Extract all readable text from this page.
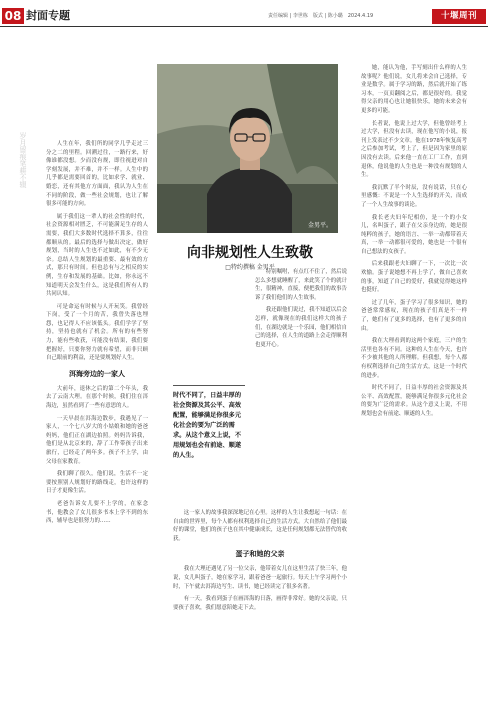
08 封面专题	责任编辑 | 李世栋　版式 | 陈小璐　2024.4.19	十堰周刊
岁月留痕笔耕不辍
金男平。
向非规划性人生致敬
□特约撰稿 金男平
时代不同了，日益丰厚的社会资源及其公平、高效配置，能够满足你很多元化社会的要为广泛的需求。从这个意义上说，不用规划也会有前途、顺遂的人生。

人生在年，我们所的同学几乎走过三分之二的里程。回溯过往，一路行来，好像谁都没想。少而没有规，即往视进对自学刻发展，并不难，并不一样。人生中的几乎都是需要回首的，比如求学、就业、婚恋，还有其他方方面面，我认为人生在不同的阶段，做一些社会规划，也让了解很多可能的方向。

属于我们这一辈人的社会性的时代，社会资源相对匮乏，不可能满足生存的人需要，我们大多数时代选择不算多，往往都顺从的。最后的选择与做出决定，做好规划，当时的人生也不过如此，有不少无奈。总结人生规划的最重要、最有效的方式，那只有时间。但也总有与之相反的实例，生存和发展的基础。比如，你永远不知道明天会发生什么，这是我们所有人的共同认知。

可是命运有时候与人开玩笑。我曾经下岗，受了一个月的苦，我曾失落也埋怨，也记得人不应该低头。我们学学了坚持，坚持也就有了机会。所有的有些努力，能有些收获，可能没有结果，我们要把握好，只要你努力就有希望，而非只顾自己眼前的利益，还是要规划好人生。

洱海旁边的一家人

大前年，退休之后的第二个年头，我去了云南大理。在那个时候，我们住在洱海边，虽然看到了一些有意思的人。

一天早晨在洱海边散步，我遇见了一家人，一个七八岁大的小姑娘和她的爸爸妈妈，他们正在湖边拍照。妈妈告诉我，他们是从北京来的，辞了工作带孩子出来旅行，已经走了两年多。孩子不上学，由父母在家教育。

我们聊了很久，他们说，生活不一定要按照别人规划好的路线走，也许这样的日子才更像生活。

老爸告诉女儿要不上学的，在家念书，他教会了女儿很多书本上学不到的东西，辅导也是很努力的……

特别嘱咐，有点红不住了，然后说怎么多想就睡醒了，来此笑了个的就计生，很精神，直接，便把我们的故事告诉了我们他们的人生故事。

我还跟他们说过，我不知道以后会怎样，就像现在的我们这样大的孩子们，在湖边就是一个乐园，他们相信自己的选择，在人生的道路上会走得顺利也更开心。

这一家人的故事我深深地记在心里。这样的人生让我想起一句话：在自由的世界里，每个人都有权利选择自己的生活方式。大自然给了他们最好的课堂，他们的孩子也在其中健康成长，这是任何规划都无法替代的收获。

蛋子和她的父亲

我在大理还遇见了另一位父亲，他带着女儿在这里生活了快三年，他说，女儿叫蛋子，她在家学习，跟着爸爸一起旅行。每天上午学习两个小时，下午就去洱海边写生、读书，她已经读完了很多名著。

有一天，我看到蛋子在画洱海的日落，画得非常好。她的父亲说，只要孩子喜欢，我们愿意陪她走下去。

她，能认为他，手写刻出什么样的人生故事呢？他们说，女儿将来会自己选择，专业是数学。属于学习的路，然后就开始了练习本，一页页翻阅之后，都是很好的。我觉得父亲的用心也让她很快乐，她的未来会有更多的可能。

长者说，他说上过大学，但他曾经考上过大学，但没有去读，现在他写的小说，报刊上发表过不少文章。他在1978年恢复高考之后参加考试，考上了，但是因为家里的原因没有去读。后来他一直在工厂工作，直到退休，他说他的人生也是一种没有规划的人生。

我沉默了半个时辰，没有说话，只在心里感慨：不说是一个人生选择的开关，而成了一个人生故事的谈论。

我长老夫妇年纪相仿，是一个的小女儿，名叫蛋子，跟子在父亲身边的，她是很纯粹的孩子，她的语言、一举一动都带着天真，一举一动都很可爱的，她也是一个很有自己想法的女孩子。

后来我跟老夫妇聊了一下，一次比一次欢愉。蛋子说她想不再上学了，做自己喜欢的事，知道了自己的爱好，我就觉得她这样也挺好。

过了几年，蛋子学习了很多知识，她的爸爸常常感叹，现在的孩子们真是不一样了，她们有了更多的选择，也有了更多的自由。

我在大理看到的这两个家庭，三户的生活里也各有不同。这种的人生在今天，也许不少被其他的人所理解。但我想，每个人都有权利选择自己的生活方式，这是一个时代的进步。

时代不同了，日益丰厚的社会资源及其公平、高效配置，能够满足你很多元化社会的要为广泛的需求。从这个意义上说，不用规划也会有前途、顺遂的人生。
